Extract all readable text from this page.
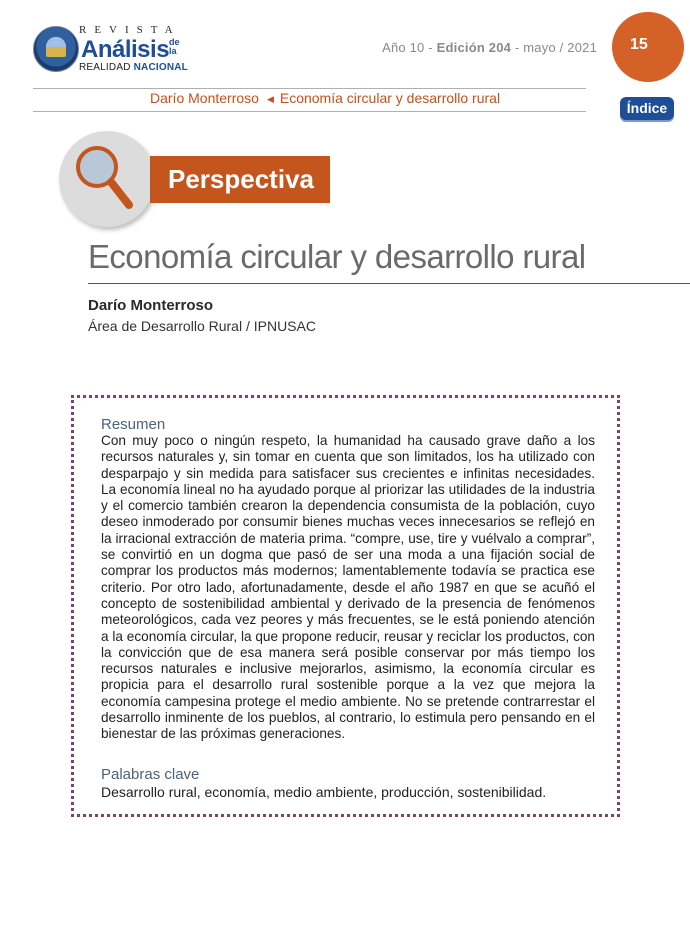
REVISTA
Análisis de la
REALIDAD NACIONAL
Año 10 - Edición 204 - mayo / 2021 15
Darío Monterroso ◀ Economía circular y desarrollo rural
Índice
Perspectiva
Economía circular y desarrollo rural
Darío Monterroso
Área de Desarrollo Rural / IPNUSAC
Resumen

Con muy poco o ningún respeto, la humanidad ha causado grave daño a los recursos naturales y, sin tomar en cuenta que son limitados, los ha utilizado con desparpajo y sin medida para satisfacer sus crecientes e infinitas necesidades. La economía lineal no ha ayudado porque al priorizar las utilidades de la industria y el comercio también crearon la dependencia consumista de la población, cuyo deseo inmoderado por consumir bienes muchas veces innecesarios se reflejó en la irracional extracción de materia prima. “compre, use, tire y vuélvalo a comprar”, se convirtió en un dogma que pasó de ser una moda a una fijación social de comprar los productos más modernos; lamentablemente todavía se practica ese criterio. Por otro lado, afortunadamente, desde el año 1987 en que se acuñó el concepto de sostenibilidad ambiental y derivado de la presencia de fenómenos meteorológicos, cada vez peores y más frecuentes, se le está poniendo atención a la economía circular, la que propone reducir, reusar y reciclar los productos, con la convicción que de esa manera será posible conservar por más tiempo los recursos naturales e inclusive mejorarlos, asimismo, la economía circular es propicia para el desarrollo rural sostenible porque a la vez que mejora la economía campesina protege el medio ambiente. No se pretende contrarrestar el desarrollo inminente de los pueblos, al contrario, lo estimula pero pensando en el bienestar de las próximas generaciones.

Palabras clave
Desarrollo rural, economía, medio ambiente, producción, sostenibilidad.
